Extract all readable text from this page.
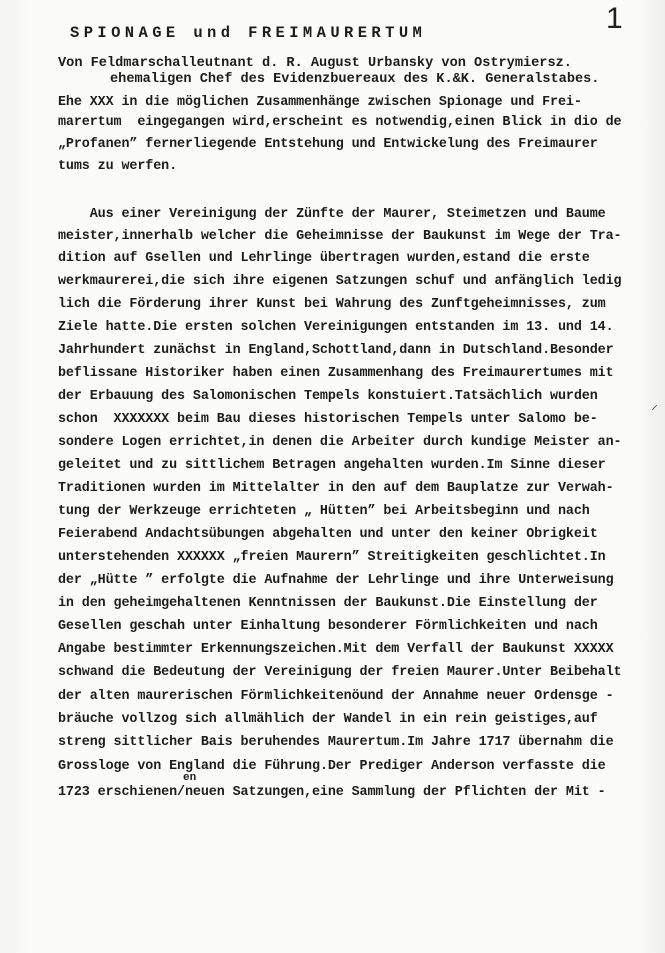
1
SPIONAGE und FREIMAURERTUM
Von Feldmarschalleutnant d. R. August Urbansky von Ostrymiersz.
ehemaligen Chef des Evidenzbuereaux des K.&K. Generalstabes.
Ehe XXX in die möglichen Zusammenhänge zwischen Spionage und Frei-
marertum  eingegangen wird,erscheint es notwendig,einen Blick in dio de
„Profanen” fernerliegende Entstehung und Entwickelung des Freimaurer
tums zu werfen.
Aus einer Vereinigung der Zünfte der Maurer, Steimetzen und Baume
meister,innerhalb welcher die Geheimnisse der Baukunst im Wege der Tra-
dition auf Gsellen und Lehrlinge übertragen wurden,estand die erste
werkmaurerei,die sich ihre eigenen Satzungen schuf und anfänglich ledig
lich die Förderung ihrer Kunst bei Wahrung des Zunftgeheimnisses, zum
Ziele hatte.Die ersten solchen Vereinigungen entstanden im 13. und 14.
Jahrhundert zunächst in England,Schottland,dann in Dutschland.Besonder
beflissane Historiker haben einen Zusammenhang des Freimaurertumes mit
der Erbauung des Salomonischen Tempels konstuiert.Tatsächlich wurden
schon  XXXXXXX beim Bau dieses historischen Tempels unter Salomo be-
sondere Logen errichtet,in denen die Arbeiter durch kundige Meister an-
geleitet und zu sittlichem Betragen angehalten wurden.Im Sinne dieser
Traditionen wurden im Mittelalter in den auf dem Bauplatze zur Verwah-
tung der Werkzeuge errichteten „ Hütten” bei Arbeitsbeginn und nach
Feierabend Andachtsübungen abgehalten und unter den keiner Obrigkeit
unterstehenden XXXXXX „freien Maurern” Streitigkeiten geschlichtet.In
der „Hütte ” erfolgte die Aufnahme der Lehrlinge und ihre Unterweisung
in den geheimgehaltenen Kenntnissen der Baukunst.Die Einstellung der
Gesellen geschah unter Einhaltung besonderer Förmlichkeiten und nach
Angabe bestimmter Erkennungszeichen.Mit dem Verfall der Baukunst XXXXX
schwand die Bedeutung der Vereinigung der freien Maurer.Unter Beibehalt
der alten maurerischen Förmlichkeitenöund der Annahme neuer Ordensge -
bräuche vollzog sich allmählich der Wandel in ein rein geistiges,auf
streng sittlicher Bais beruhendes Maurertum.Im Jahre 1717 übernahm die
Grossloge von England die Führung.Der Prediger Anderson verfasste die
1723 erschienen/neuen Satzungen,eine Sammlung der Pflichten der Mit -
en
⸝
